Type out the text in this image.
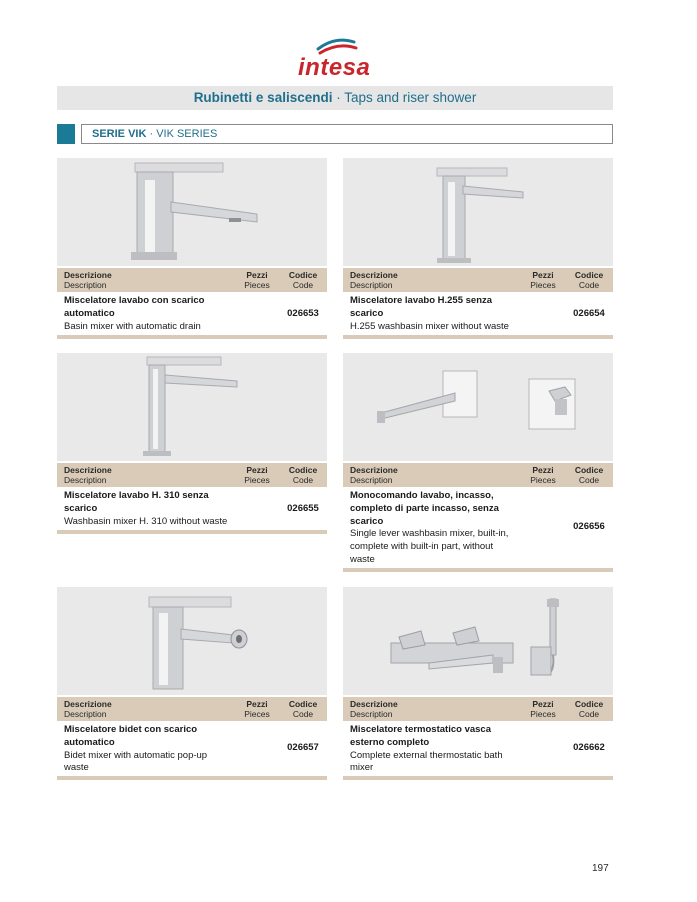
intesa
Rubinetti e saliscendi · Taps and riser shower
SERIE VIK · VIK SERIES
Descrizione
Description
Pezzi
Pieces
Codice
Code
Miscelatore lavabo con scarico automatico
Basin mixer with automatic drain
026653
Descrizione
Description
Pezzi
Pieces
Codice
Code
Miscelatore lavabo H.255 senza scarico
H.255 washbasin mixer without waste
026654
Descrizione
Description
Pezzi
Pieces
Codice
Code
Miscelatore lavabo H. 310 senza scarico
Washbasin mixer H. 310 without waste
026655
Descrizione
Description
Pezzi
Pieces
Codice
Code
Monocomando lavabo, incasso, completo di parte incasso, senza scarico
Single lever washbasin mixer, built-in, complete with built-in part, without waste
026656
Descrizione
Description
Pezzi
Pieces
Codice
Code
Miscelatore bidet con scarico automatico
Bidet mixer with automatic pop-up waste
026657
Descrizione
Description
Pezzi
Pieces
Codice
Code
Miscelatore termostatico vasca esterno completo
Complete external thermostatic bath mixer
026662
197
